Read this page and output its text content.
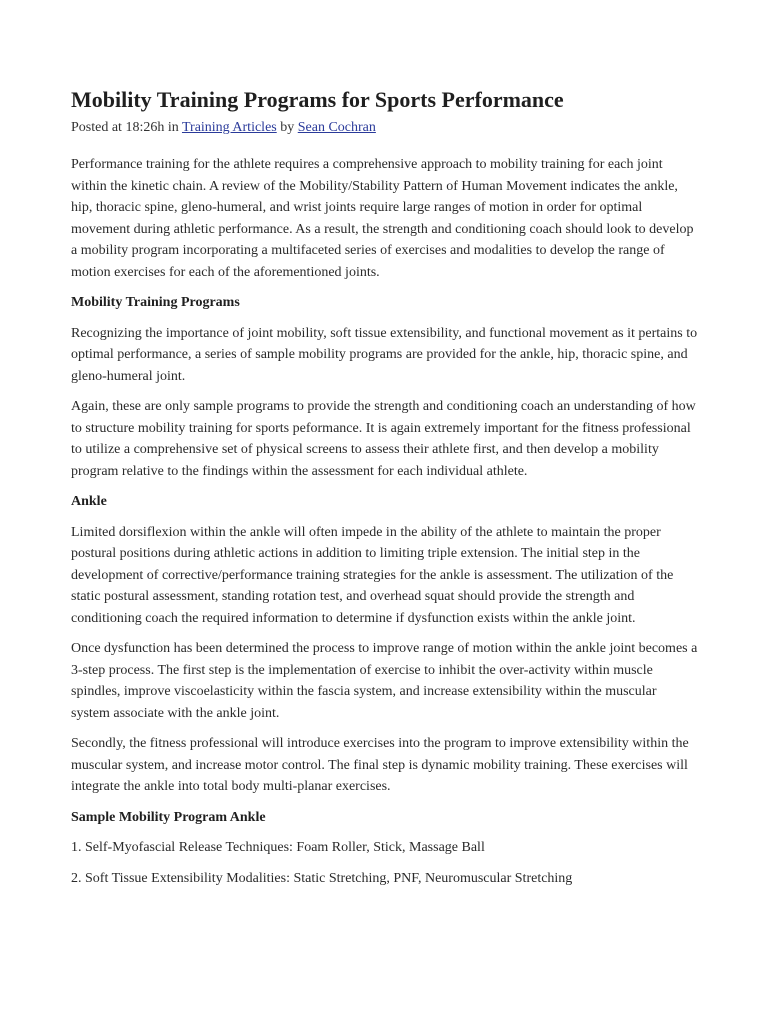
Mobility Training Programs for Sports Performance
Posted at 18:26h in Training Articles by Sean Cochran

Performance training for the athlete requires a comprehensive approach to mobility training for each joint within the kinetic chain. A review of the Mobility/Stability Pattern of Human Movement indicates the ankle, hip, thoracic spine, gleno-humeral, and wrist joints require large ranges of motion in order for optimal movement during athletic performance. As a result, the strength and conditioning coach should look to develop a mobility program incorporating a multifaceted series of exercises and modalities to develop the range of motion exercises for each of the aforementioned joints.

Mobility Training Programs

Recognizing the importance of joint mobility, soft tissue extensibility, and functional movement as it pertains to optimal performance, a series of sample mobility programs are provided for the ankle, hip, thoracic spine, and gleno-humeral joint.

Again, these are only sample programs to provide the strength and conditioning coach an understanding of how to structure mobility training for sports peformance. It is again extremely important for the fitness professional to utilize a comprehensive set of physical screens to assess their athlete first, and then develop a mobility program relative to the findings within the assessment for each individual athlete.

Ankle

Limited dorsiflexion within the ankle will often impede in the ability of the athlete to maintain the proper postural positions during athletic actions in addition to limiting triple extension. The initial step in the development of corrective/performance training strategies for the ankle is assessment. The utilization of the static postural assessment, standing rotation test, and overhead squat should provide the strength and conditioning coach the required information to determine if dysfunction exists within the ankle joint.

Once dysfunction has been determined the process to improve range of motion within the ankle joint becomes a 3-step process. The first step is the implementation of exercise to inhibit the over-activity within muscle spindles, improve viscoelasticity within the fascia system, and increase extensibility within the muscular system associate with the ankle joint.

Secondly, the fitness professional will introduce exercises into the program to improve extensibility within the muscular system, and increase motor control. The final step is dynamic mobility training. These exercises will integrate the ankle into total body multi-planar exercises.

Sample Mobility Program Ankle

1. Self-Myofascial Release Techniques: Foam Roller, Stick, Massage Ball

2. Soft Tissue Extensibility Modalities: Static Stretching, PNF, Neuromuscular Stretching
